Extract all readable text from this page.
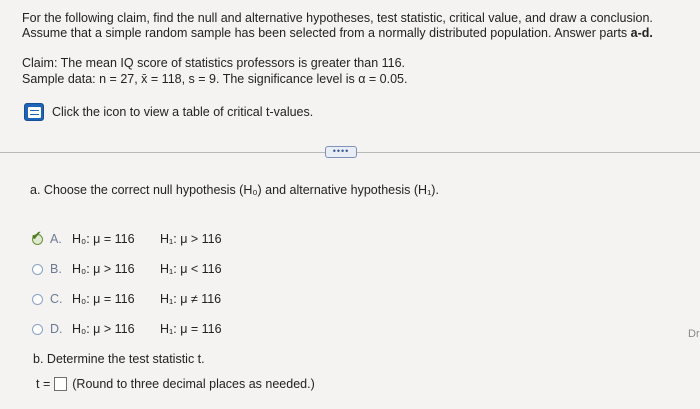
For the following claim, find the null and alternative hypotheses, test statistic, critical value, and draw a conclusion.
Assume that a simple random sample has been selected from a normally distributed population. Answer parts a-d.
Claim: The mean IQ score of statistics professors is greater than 116.
Sample data: n = 27, x̄ = 118, s = 9. The significance level is α = 0.05.
Click the icon to view a table of critical t-values.
••••
a. Choose the correct null hypothesis (H₀) and alternative hypothesis (H₁).
✔
A. H₀: μ = 116	H₁: μ > 116
B. H₀: μ > 116	H₁: μ < 116
C. H₀: μ = 116	H₁: μ ≠ 116
D. H₀: μ > 116	H₁: μ = 116
b. Determine the test statistic t.
t = (Round to three decimal places as needed.)
Dr
